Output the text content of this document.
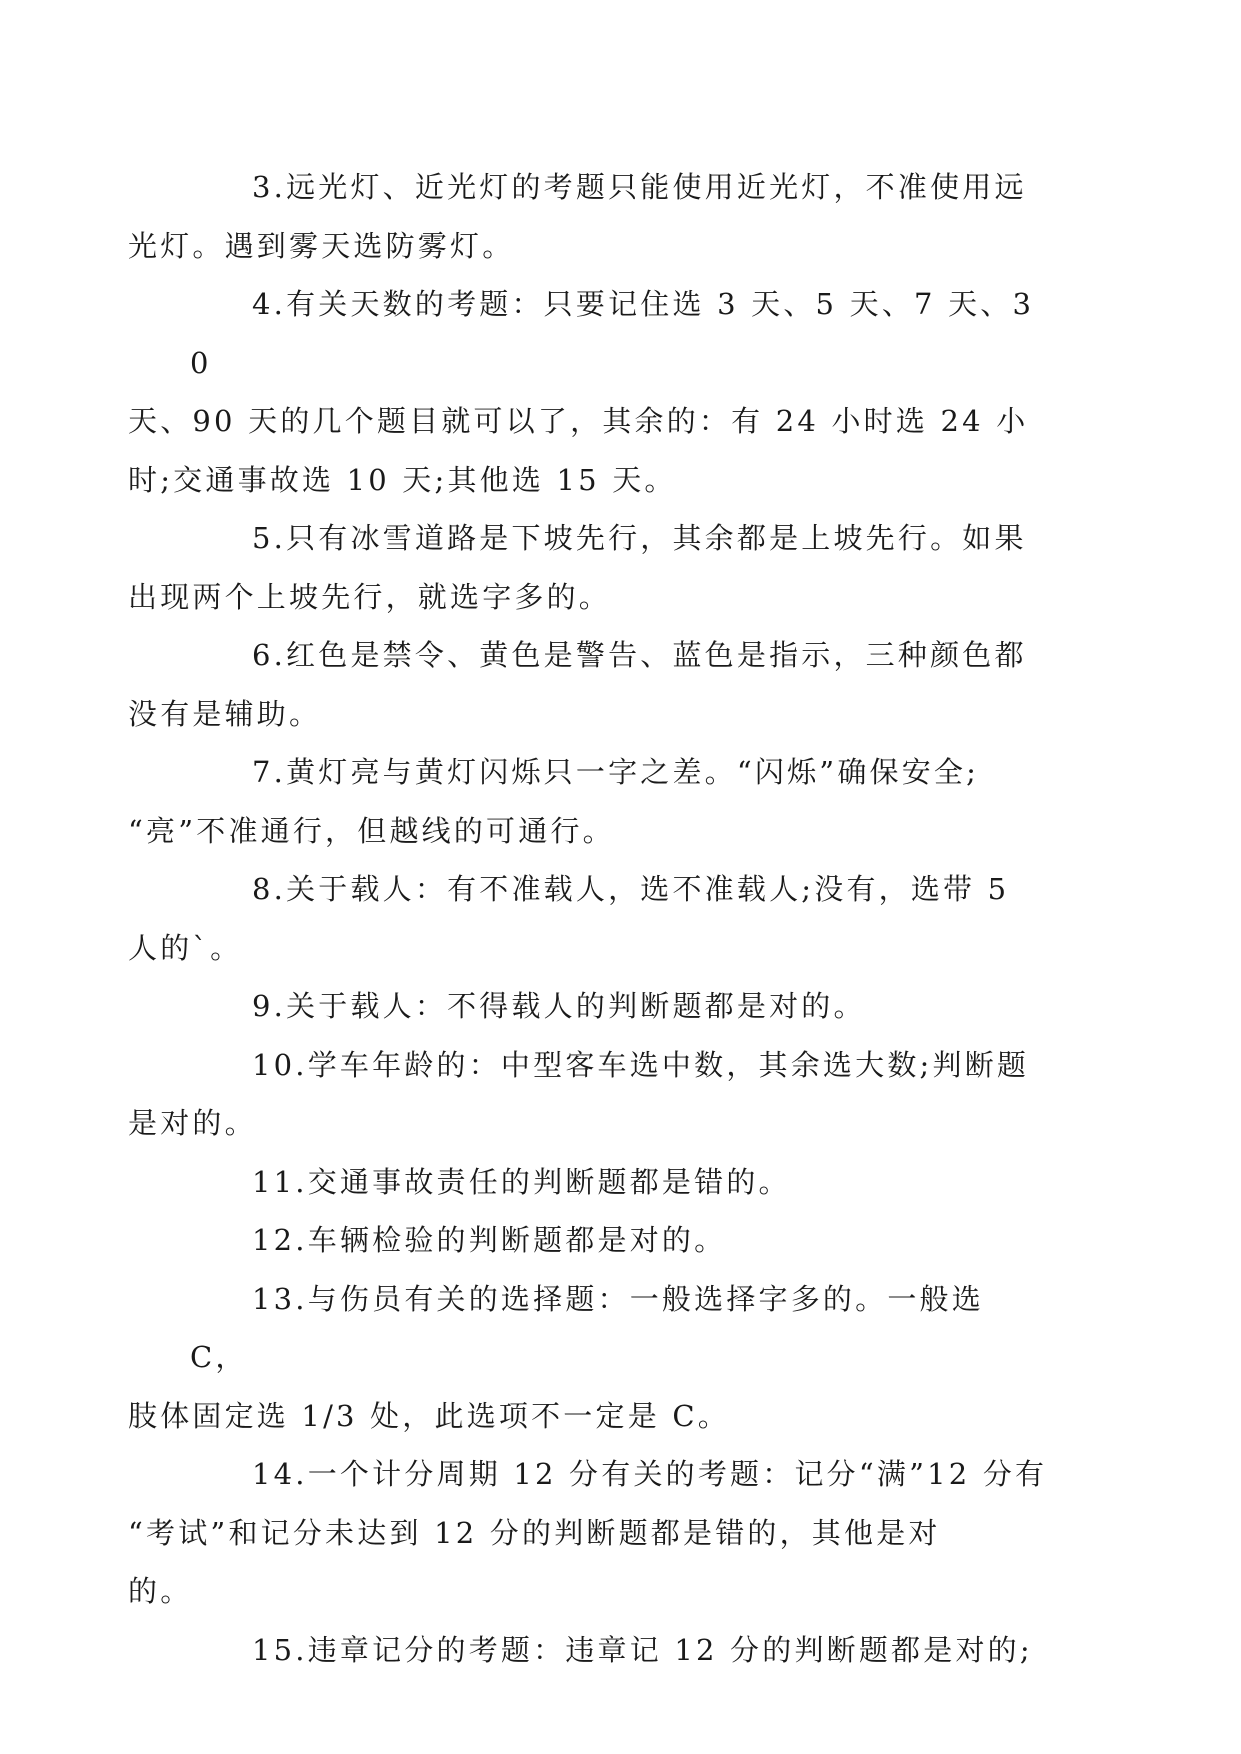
3.远光灯、近光灯的考题只能使用近光灯，不准使用远
光灯。遇到雾天选防雾灯。

4.有关天数的考题：只要记住选 3 天、5 天、7 天、30
天、90 天的几个题目就可以了，其余的：有 24 小时选 24 小
时;交通事故选 10 天;其他选 15 天。

5.只有冰雪道路是下坡先行，其余都是上坡先行。如果
出现两个上坡先行，就选字多的。

6.红色是禁令、黄色是警告、蓝色是指示，三种颜色都
没有是辅助。

7.黄灯亮与黄灯闪烁只一字之差。“闪烁”确保安全;
“亮”不准通行，但越线的可通行。

8.关于载人：有不准载人，选不准载人;没有，选带 5
人的`。

9.关于载人：不得载人的判断题都是对的。

10.学车年龄的：中型客车选中数，其余选大数;判断题
是对的。

11.交通事故责任的判断题都是错的。

12.车辆检验的判断题都是对的。

13.与伤员有关的选择题：一般选择字多的。一般选 C，
肢体固定选 1/3 处，此选项不一定是 C。

14.一个计分周期 12 分有关的考题：记分“满”12 分有
“考试”和记分未达到 12 分的判断题都是错的，其他是对
的。

15.违章记分的考题：违章记 12 分的判断题都是对的;
